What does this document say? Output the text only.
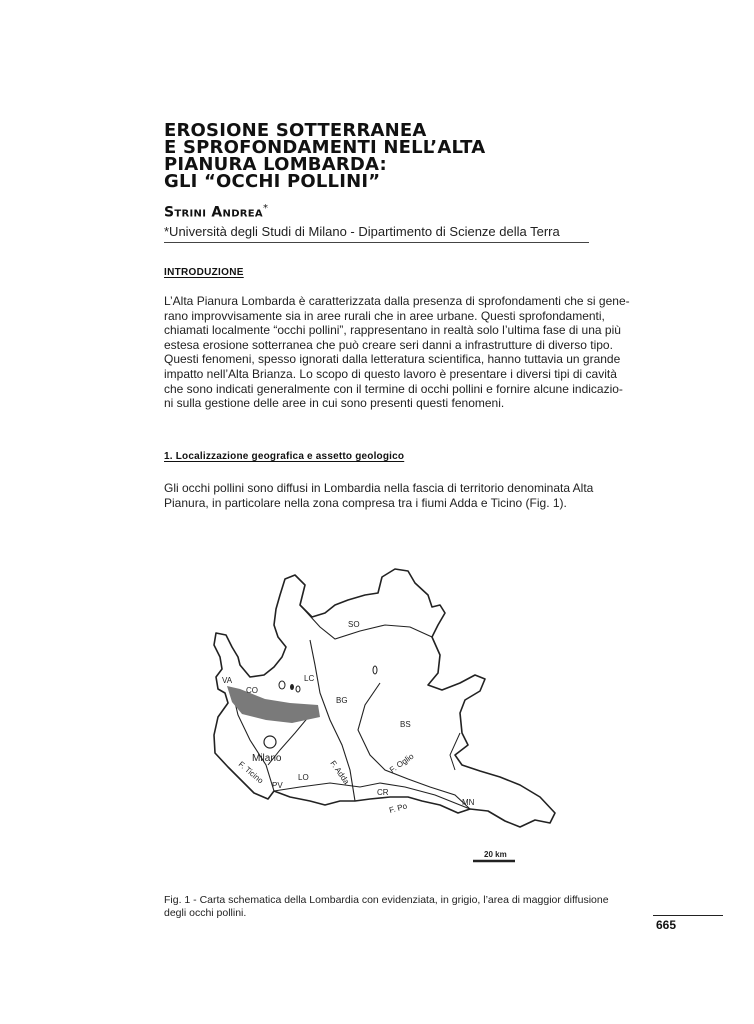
EROSIONE SOTTERRANEA
E SPROFONDAMENTI NELL’ALTA
PIANURA LOMBARDA:
GLI “OCCHI POLLINI”
Strini Andrea*
*Università degli Studi di Milano - Dipartimento di Scienze della Terra
INTRODUZIONE
L’Alta Pianura Lombarda è caratterizzata dalla presenza di sprofondamenti che si gene-
rano improvvisamente sia in aree rurali che in aree urbane. Questi sprofondamenti,
chiamati localmente “occhi pollini”, rappresentano in realtà solo l’ultima fase di una più
estesa erosione sotterranea che può creare seri danni a infrastrutture di diverso tipo.
Questi fenomeni, spesso ignorati dalla letteratura scientifica, hanno tuttavia un grande
impatto nell’Alta Brianza. Lo scopo di questo lavoro è presentare i diversi tipi di cavità
che sono indicati generalmente con il termine di occhi pollini e fornire alcune indicazio-
ni sulla gestione delle aree in cui sono presenti questi fenomeni.
1. Localizzazione geografica e assetto geologico
Gli occhi pollini sono diffusi in Lombardia nella fascia di territorio denominata Alta
Pianura, in particolare nella zona compresa tra i fiumi Adda e Ticino (Fig. 1).
SO
VA
CO
LC
BG
BS
Milano
F. Ticino
PV
LO F. Adda	F. Oglio
CR
F. Po	MN
20 km
Fig. 1 - Carta schematica della Lombardia con evidenziata, in grigio, l’area di maggior diffusione
degli occhi pollini.
665
